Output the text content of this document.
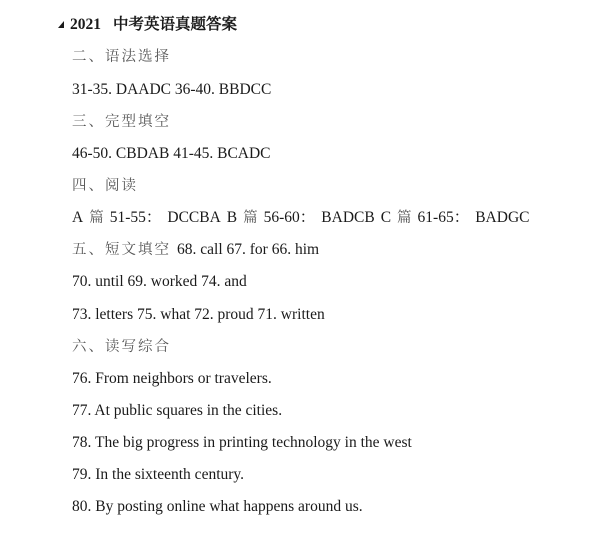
2021 中考英语真题答案
二、语法选择
31-35. DAADC 36-40. BBDCC
三、完型填空
46-50. CBDAB 41-45. BCADC
四、阅读
A 篇 51-55： DCCBA B 篇 56-60： BADCB C 篇 61-65： BADGC
五、短文填空 68. call 67. for 66. him
70. until 69. worked 74. and
73. letters 75. what 72. proud 71. written
六、读写综合
76. From neighbors or travelers.
77. At public squares in the cities.
78. The big progress in printing technology in the west
79. In the sixteenth century.
80. By posting online what happens around us.
